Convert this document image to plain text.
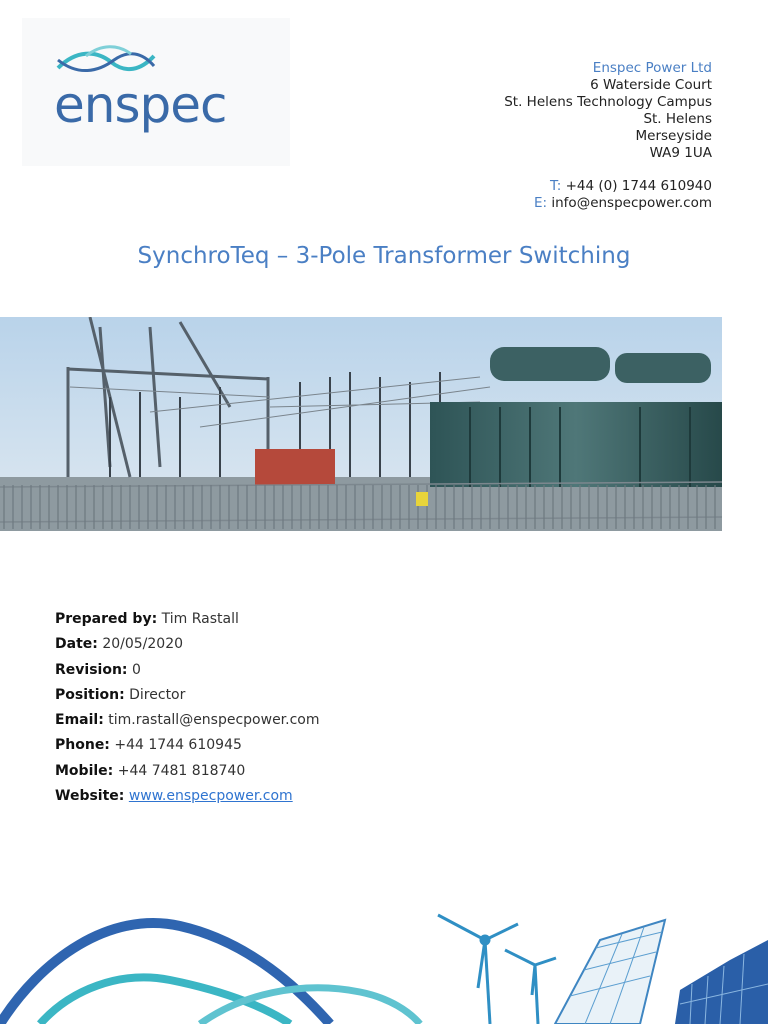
enspec
Enspec Power Ltd
6 Waterside Court
St. Helens Technology Campus
St. Helens
Merseyside
WA9 1UA
T: +44 (0) 1744 610940
E: info@enspecpower.com
SynchroTeq – 3-Pole Transformer Switching
Prepared by: Tim Rastall
Date: 20/05/2020
Revision: 0
Position: Director
Email: tim.rastall@enspecpower.com
Phone: +44 1744 610945
Mobile: +44 7481 818740
Website: www.enspecpower.com
